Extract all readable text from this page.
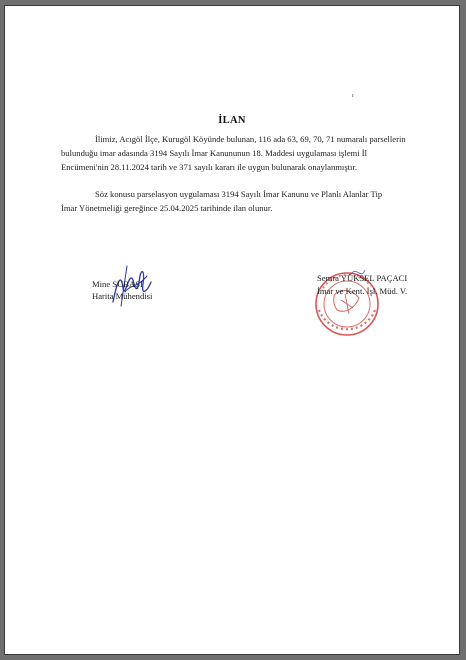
ı
İLAN
İlimiz, Acıgöl İlçe, Kurugöl Köyünde bulunan, 116 ada 63, 69, 70, 71 numaralı parsellerin
bulunduğu imar adasında 3194 Sayılı İmar Kanununun 18. Maddesi uygulaması işlemi İl
Encümeni'nin 28.11.2024 tarih ve 371 sayılı kararı ile uygun bulunarak onaylanmıştır.
Söz konusu parselasyon uygulaması 3194 Sayılı İmar Kanunu ve Planlı Alanlar Tip
İmar Yönetmeliği gereğince 25.04.2025 tarihinde ilan olunur.
Mine SUBAŞI
Harita Mühendisi
Semra YÜKSEL PAÇACI
İmar ve Kent. İşl. Müd. V.
